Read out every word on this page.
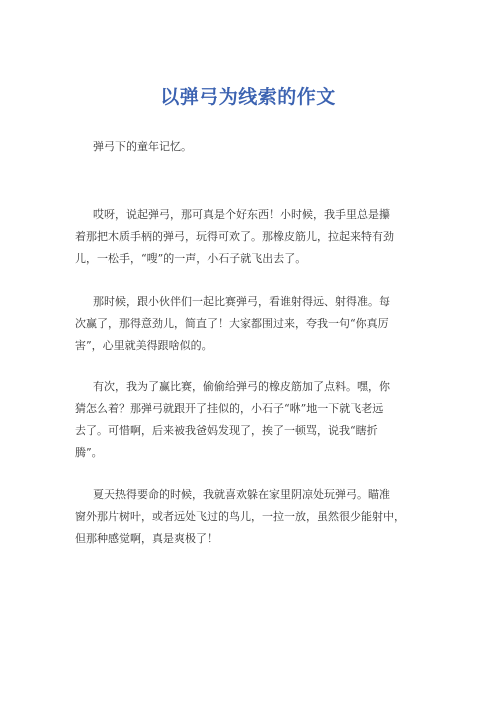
以弹弓为线索的作文
弹弓下的童年记忆。
哎呀，说起弹弓，那可真是个好东西！小时候，我手里总是攥
着那把木质手柄的弹弓，玩得可欢了。那橡皮筋儿，拉起来特有劲
儿，一松手，“嗖”的一声，小石子就飞出去了。
那时候，跟小伙伴们一起比赛弹弓，看谁射得远、射得准。每
次赢了，那得意劲儿，简直了！大家都围过来，夸我一句“你真厉
害”，心里就美得跟啥似的。
有次，我为了赢比赛，偷偷给弹弓的橡皮筋加了点料。嘿，你
猜怎么着？那弹弓就跟开了挂似的，小石子“咻”地一下就飞老远
去了。可惜啊，后来被我爸妈发现了，挨了一顿骂，说我“瞎折
腾”。
夏天热得要命的时候，我就喜欢躲在家里阴凉处玩弹弓。瞄准
窗外那片树叶，或者远处飞过的鸟儿，一拉一放，虽然很少能射中，
但那种感觉啊，真是爽极了！
